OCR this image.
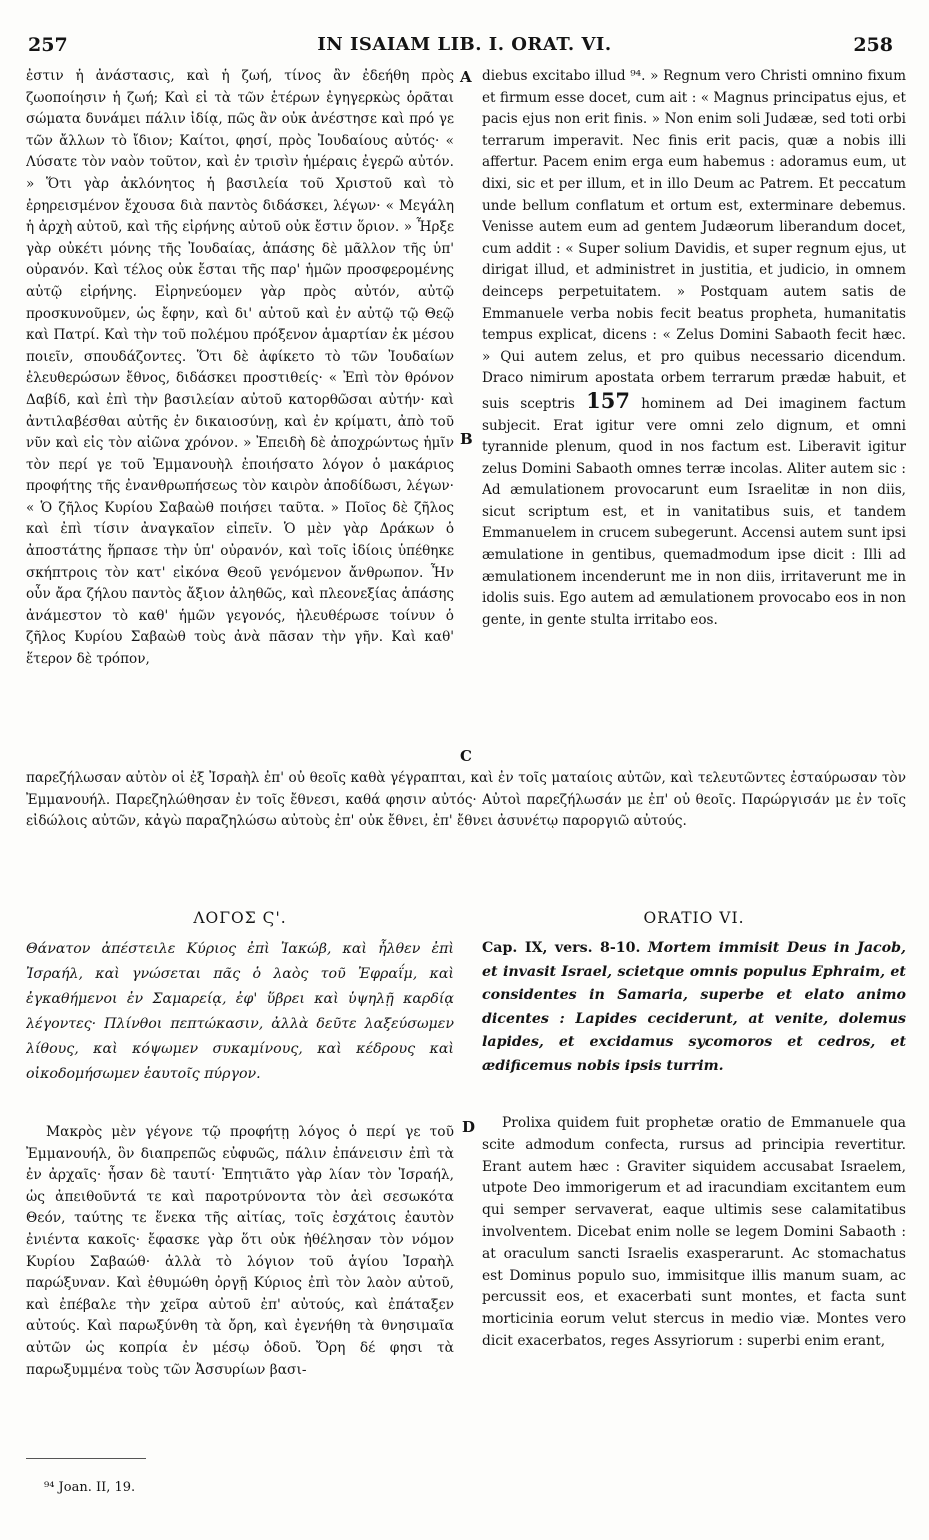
257	IN ISAIAM LIB. I. ORAT. VI.	258
A
B
C
D

ἐστιν ἡ ἀνάστασις, καὶ ἡ ζωή, τίνος ἂν ἐδεήθη πρὸς ζωοποίησιν ἡ ζωή; Καὶ εἰ τὰ τῶν ἑτέρων ἐγηγερκὼς ὁρᾶται σώματα δυνάμει πάλιν ἰδίᾳ, πῶς ἂν οὐκ ἀνέστησε καὶ πρό γε τῶν ἄλλων τὸ ἴδιον; Καίτοι, φησί, πρὸς Ἰουδαίους αὐτός· « Λύσατε τὸν ναὸν τοῦτον, καὶ ἐν τρισὶν ἡμέραις ἐγερῶ αὐτόν. » Ὅτι γὰρ ἀκλόνητος ἡ βασιλεία τοῦ Χριστοῦ καὶ τὸ ἐρηρεισμένον ἔχουσα διὰ παντὸς διδάσκει, λέγων· « Μεγάλη ἡ ἀρχὴ αὐτοῦ, καὶ τῆς εἰρήνης αὐτοῦ οὐκ ἔστιν ὅριον. » Ἦρξε γὰρ οὐκέτι μόνης τῆς Ἰουδαίας, ἁπάσης δὲ μᾶλλον τῆς ὑπ' οὐρανόν. Καὶ τέλος οὐκ ἔσται τῆς παρ' ἡμῶν προσφερομένης αὐτῷ εἰρήνης. Εἰρηνεύομεν γὰρ πρὸς αὐτόν, αὐτῷ προσκυνοῦμεν, ὡς ἔφην, καὶ δι' αὐτοῦ καὶ ἐν αὐτῷ τῷ Θεῷ καὶ Πατρί. Καὶ τὴν τοῦ πολέμου πρόξενον ἁμαρτίαν ἐκ μέσου ποιεῖν, σπουδάζοντες. Ὅτι δὲ ἀφίκετο τὸ τῶν Ἰουδαίων ἐλευθερώσων ἔθνος, διδάσκει προστιθείς· « Ἐπὶ τὸν θρόνον Δαβίδ, καὶ ἐπὶ τὴν βασιλείαν αὐτοῦ κατορθῶσαι αὐτήν· καὶ ἀντιλαβέσθαι αὐτῆς ἐν δικαιοσύνῃ, καὶ ἐν κρίματι, ἀπὸ τοῦ νῦν καὶ εἰς τὸν αἰῶνα χρόνον. » Ἐπειδὴ δὲ ἀποχρώντως ἡμῖν τὸν περί γε τοῦ Ἐμμανουὴλ ἐποιήσατο λόγον ὁ μακάριος προφήτης τῆς ἐνανθρωπήσεως τὸν καιρὸν ἀποδίδωσι, λέγων· « Ὁ ζῆλος Κυρίου Σαβαὼθ ποιήσει ταῦτα. » Ποῖος δὲ ζῆλος καὶ ἐπὶ τίσιν ἀναγκαῖον εἰπεῖν. Ὁ μὲν γὰρ Δράκων ὁ ἀποστάτης ἥρπασε τὴν ὑπ' οὐρανόν, καὶ τοῖς ἰδίοις ὑπέθηκε σκήπτροις τὸν κατ' εἰκόνα Θεοῦ γενόμενον ἄνθρωπον. Ἦν οὖν ἄρα ζήλου παντὸς ἄξιον ἀληθῶς, καὶ πλεονεξίας ἁπάσης ἀνάμεστον τὸ καθ' ἡμῶν γεγονός, ἠλευθέρωσε τοίνυν ὁ ζῆλος Κυρίου Σαβαὼθ τοὺς ἀνὰ πᾶσαν τὴν γῆν. Καὶ καθ' ἕτερον δὲ τρόπον,

diebus excitabo illud ⁹⁴. » Regnum vero Christi omnino fixum et firmum esse docet, cum ait : « Magnus principatus ejus, et pacis ejus non erit finis. » Non enim soli Judææ, sed toti orbi terrarum imperavit. Nec finis erit pacis, quæ a nobis illi affertur. Pacem enim erga eum habemus : adoramus eum, ut dixi, sic et per illum, et in illo Deum ac Patrem. Et peccatum unde bellum conflatum et ortum est, exterminare debemus. Venisse autem eum ad gentem Judæorum liberandum docet, cum addit : « Super solium Davidis, et super regnum ejus, ut dirigat illud, et administret in justitia, et judicio, in omnem deinceps perpetuitatem. » Postquam autem satis de Emmanuele verba nobis fecit beatus propheta, humanitatis tempus explicat, dicens : « Zelus Domini Sabaoth fecit hæc. » Qui autem zelus, et pro quibus necessario dicendum. Draco nimirum apostata orbem terrarum prædæ habuit, et suis sceptris 157 hominem ad Dei imaginem factum subjecit. Erat igitur vere omni zelo dignum, et omni tyrannide plenum, quod in nos factum est. Liberavit igitur zelus Domini Sabaoth omnes terræ incolas. Aliter autem sic : Ad æmulationem provocarunt eum Israelitæ in non diis, sicut scriptum est, et in vanitatibus suis, et tandem Emmanuelem in crucem subegerunt. Accensi autem sunt ipsi æmulatione in gentibus, quemadmodum ipse dicit : Illi ad æmulationem incenderunt me in non diis, irritaverunt me in idolis suis. Ego autem ad æmulationem provocabo eos in non gente, in gente stulta irritabo eos.

παρεζήλωσαν αὐτὸν οἱ ἐξ Ἰσραὴλ ἐπ' οὐ θεοῖς καθὰ γέγραπται, καὶ ἐν τοῖς ματαίοις αὐτῶν, καὶ τελευτῶντες ἐσταύρωσαν τὸν Ἐμμανουήλ. Παρεζηλώθησαν ἐν τοῖς ἔθνεσι, καθά φησιν αὐτός· Αὐτοὶ παρεζήλωσάν με ἐπ' οὐ θεοῖς. Παρώργισάν με ἐν τοῖς εἰδώλοις αὐτῶν, κἀγὼ παραζηλώσω αὐτοὺς ἐπ' οὐκ ἔθνει, ἐπ' ἔθνει ἀσυνέτῳ παροργιῶ αὐτούς.
ΛΟΓΟΣ Ϛ'.	ORATIO VI.
Θάνατον ἀπέστειλε Κύριος ἐπὶ Ἰακώβ, καὶ ἦλθεν ἐπὶ Ἰσραήλ, καὶ γνώσεται πᾶς ὁ λαὸς τοῦ Ἐφραΐμ, καὶ ἐγκαθήμενοι ἐν Σαμαρείᾳ, ἐφ' ὕβρει καὶ ὑψηλῇ καρδίᾳ λέγοντες· Πλίνθοι πεπτώκασιν, ἀλλὰ δεῦτε λαξεύσωμεν λίθους, καὶ κόψωμεν συκαμίνους, καὶ κέδρους καὶ οἰκοδομήσωμεν ἑαυτοῖς πύργον.
Cap. IX, vers. 8-10. Mortem immisit Deus in Jacob, et invasit Israel, scietque omnis populus Ephraim, et considentes in Samaria, superbe et elato animo dicentes : Lapides ceciderunt, at venite, dolemus lapides, et excidamus sycomoros et cedros, et ædificemus nobis ipsis turrim.
Μακρὸς μὲν γέγονε τῷ προφήτῃ λόγος ὁ περί γε τοῦ Ἐμμανουήλ, ὃν διαπρεπῶς εὐφυῶς, πάλιν ἐπάνεισιν ἐπὶ τὰ ἐν ἀρχαῖς· ἦσαν δὲ ταυτί· Ἐπητιᾶτο γὰρ λίαν τὸν Ἰσραήλ, ὡς ἀπειθοῦντά τε καὶ παροτρύνοντα τὸν ἀεὶ σεσωκότα Θεόν, ταύτης τε ἕνεκα τῆς αἰτίας, τοῖς ἐσχάτοις ἑαυτὸν ἐνιέντα κακοῖς· ἔφασκε γὰρ ὅτι οὐκ ἠθέλησαν τὸν νόμον Κυρίου Σαβαώθ· ἀλλὰ τὸ λόγιον τοῦ ἁγίου Ἰσραὴλ παρώξυναν. Καὶ ἐθυμώθη ὀργῇ Κύριος ἐπὶ τὸν λαὸν αὐτοῦ, καὶ ἐπέβαλε τὴν χεῖρα αὐτοῦ ἐπ' αὐτούς, καὶ ἐπάταξεν αὐτούς. Καὶ παρωξύνθη τὰ ὄρη, καὶ ἐγενήθη τὰ θνησιμαῖα αὐτῶν ὡς κοπρία ἐν μέσῳ ὁδοῦ. Ὄρη δέ φησι τὰ παρωξυμμένα τοὺς τῶν Ἀσσυρίων βασι-
Prolixa quidem fuit prophetæ oratio de Emmanuele qua scite admodum confecta, rursus ad principia revertitur. Erant autem hæc : Graviter siquidem accusabat Israelem, utpote Deo immorigerum et ad iracundiam excitantem eum qui semper servaverat, eaque ultimis sese calamitatibus involventem. Dicebat enim nolle se legem Domini Sabaoth : at oraculum sancti Israelis exasperarunt. Ac stomachatus est Dominus populo suo, immisitque illis manum suam, ac percussit eos, et exacerbati sunt montes, et facta sunt morticinia eorum velut stercus in medio viæ. Montes vero dicit exacerbatos, reges Assyriorum : superbi enim erant,
⁹⁴ Joan. II, 19.
